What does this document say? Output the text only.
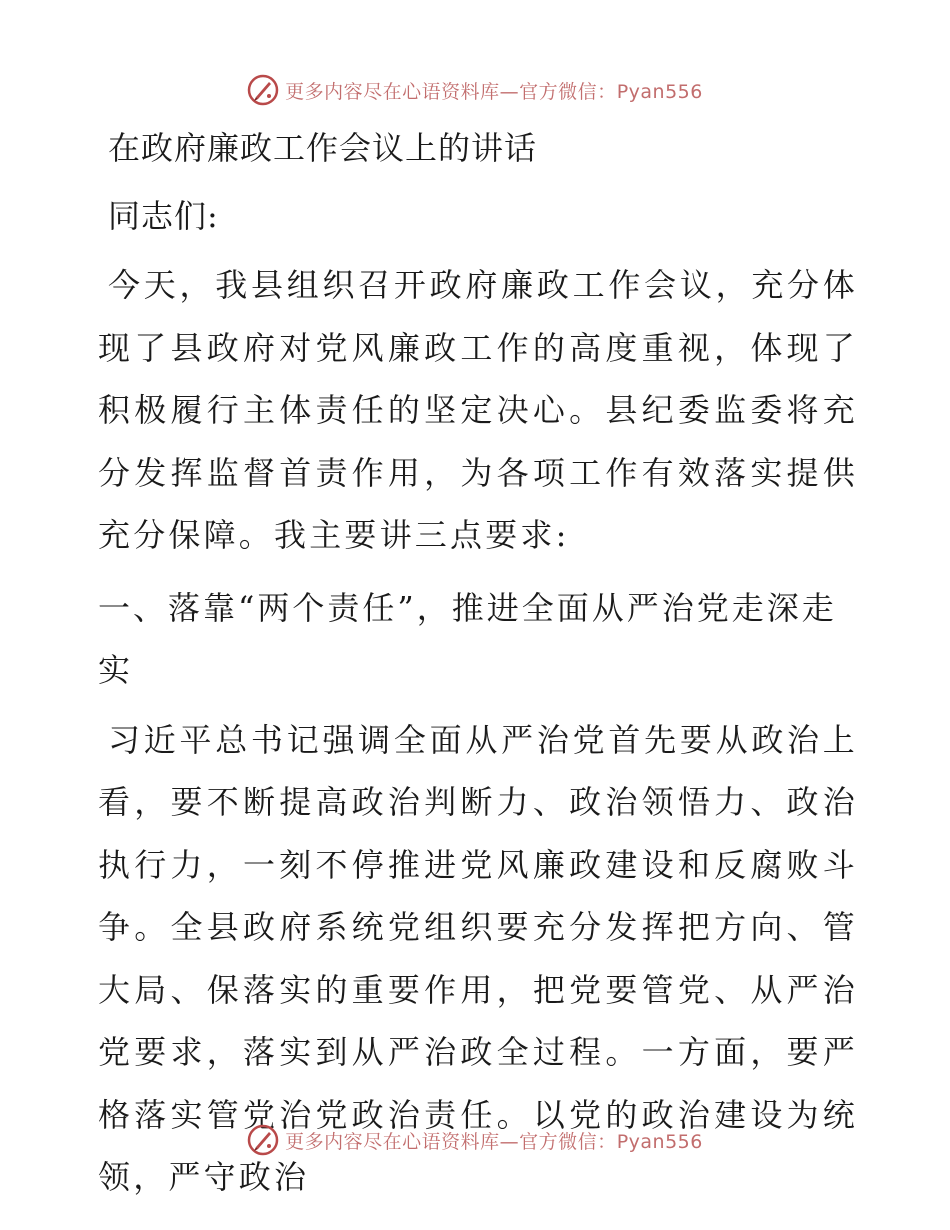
更多内容尽在心语资料库—官方微信：Pyan556
在政府廉政工作会议上的讲话

同志们:

今天，我县组织召开政府廉政工作会议，充分体现了县政府对党风廉政工作的高度重视，体现了积极履行主体责任的坚定决心。县纪委监委将充分发挥监督首责作用，为各项工作有效落实提供充分保障。我主要讲三点要求:

一、落靠“两个责任”，推进全面从严治党走深走实

习近平总书记强调全面从严治党首先要从政治上看，要不断提高政治判断力、政治领悟力、政治执行力，一刻不停推进党风廉政建设和反腐败斗争。全县政府系统党组织要充分发挥把方向、管大局、保落实的重要作用，把党要管党、从严治党要求，落实到从严治政全过程。一方面，要严格落实管党治党政治责任。以党的政治建设为统领，严守政治

更多内容尽在心语资料库—官方微信：Pyan556
